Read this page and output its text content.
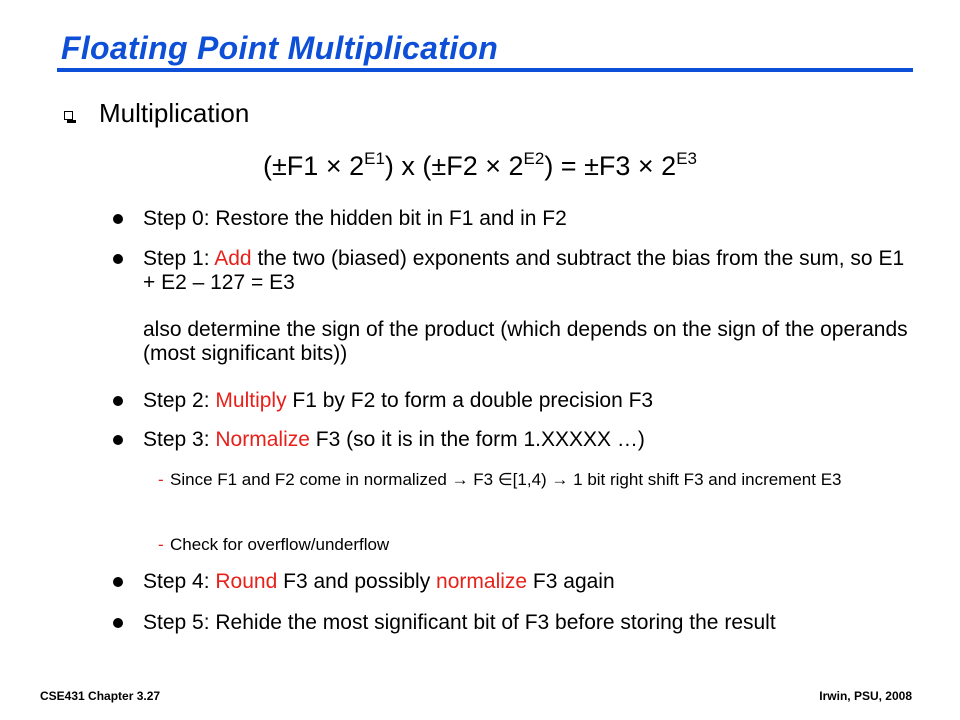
Floating Point Multiplication
Multiplication
$(\pm F1 \times 2^{E1})$ x $(\pm F2 \times 2^{E2}) = \pm F3 \times 2^{E3}$
Step 0: Restore the hidden bit in F1 and in F2
Step 1: Add the two (biased) exponents and subtract the bias from the sum, so E1 + E2 – 127 = E3
also determine the sign of the product (which depends on the sign of the operands (most significant bits))
Step 2: Multiply F1 by F2 to form a double precision F3
Step 3: Normalize F3 (so it is in the form 1.XXXXX …)
- Since F1 and F2 come in normalized → F3 ∈[1,4) → 1 bit right shift F3 and increment E3
- Check for overflow/underflow
Step 4: Round F3 and possibly normalize F3 again
Step 5: Rehide the most significant bit of F3 before storing the result
CSE431 Chapter 3.27	Irwin, PSU, 2008
